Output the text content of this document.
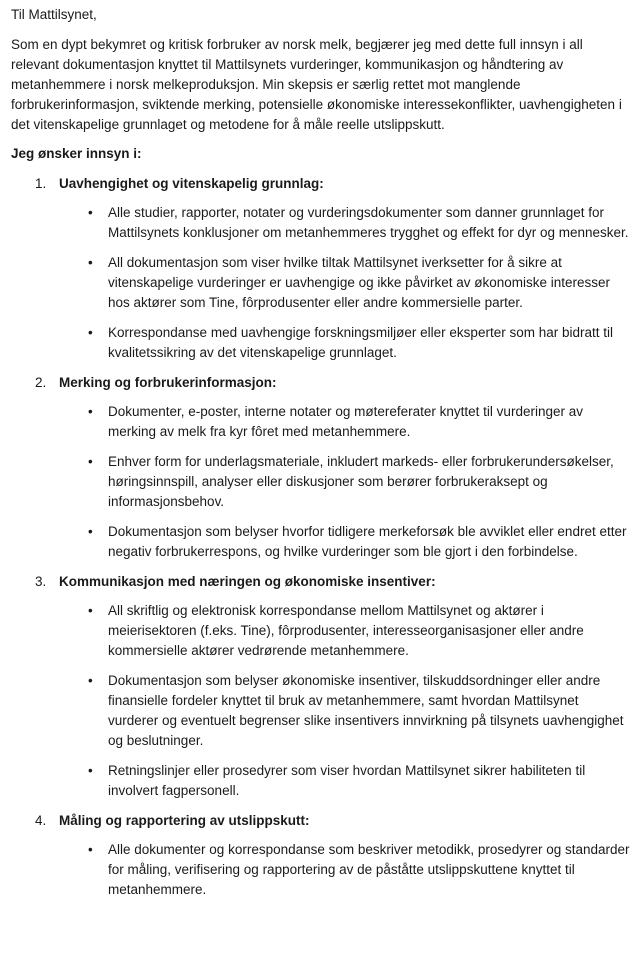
Til Mattilsynet,

Som en dypt bekymret og kritisk forbruker av norsk melk, begjærer jeg med dette full innsyn i all relevant dokumentasjon knyttet til Mattilsynets vurderinger, kommunikasjon og håndtering av metanhemmere i norsk melkeproduksjon. Min skepsis er særlig rettet mot manglende forbrukerinformasjon, sviktende merking, potensielle økonomiske interessekonflikter, uavhengigheten i det vitenskapelige grunnlaget og metodene for å måle reelle utslippskutt.

Jeg ønsker innsyn i:

1. Uavhengighet og vitenskapelig grunnlag:
• Alle studier, rapporter, notater og vurderingsdokumenter som danner grunnlaget for Mattilsynets konklusjoner om metanhemmeres trygghet og effekt for dyr og mennesker.
• All dokumentasjon som viser hvilke tiltak Mattilsynet iverksetter for å sikre at vitenskapelige vurderinger er uavhengige og ikke påvirket av økonomiske interesser hos aktører som Tine, fôrprodusenter eller andre kommersielle parter.
• Korrespondanse med uavhengige forskningsmiljøer eller eksperter som har bidratt til kvalitetssikring av det vitenskapelige grunnlaget.
2. Merking og forbrukerinformasjon:
• Dokumenter, e-poster, interne notater og møtereferater knyttet til vurderinger av merking av melk fra kyr fôret med metanhemmere.
• Enhver form for underlagsmateriale, inkludert markeds- eller forbrukerundersøkelser, høringsinnspill, analyser eller diskusjoner som berører forbrukeraksept og informasjonsbehov.
• Dokumentasjon som belyser hvorfor tidligere merkeforsøk ble avviklet eller endret etter negativ forbrukerrespons, og hvilke vurderinger som ble gjort i den forbindelse.
3. Kommunikasjon med næringen og økonomiske insentiver:
• All skriftlig og elektronisk korrespondanse mellom Mattilsynet og aktører i meierisektoren (f.eks. Tine), fôrprodusenter, interesseorganisasjoner eller andre kommersielle aktører vedrørende metanhemmere.
• Dokumentasjon som belyser økonomiske insentiver, tilskuddsordninger eller andre finansielle fordeler knyttet til bruk av metanhemmere, samt hvordan Mattilsynet vurderer og eventuelt begrenser slike insentivers innvirkning på tilsynets uavhengighet og beslutninger.
• Retningslinjer eller prosedyrer som viser hvordan Mattilsynet sikrer habiliteten til involvert fagpersonell.
4. Måling og rapportering av utslippskutt:
• Alle dokumenter og korrespondanse som beskriver metodikk, prosedyrer og standarder for måling, verifisering og rapportering av de påståtte utslippskuttene knyttet til metanhemmere.
